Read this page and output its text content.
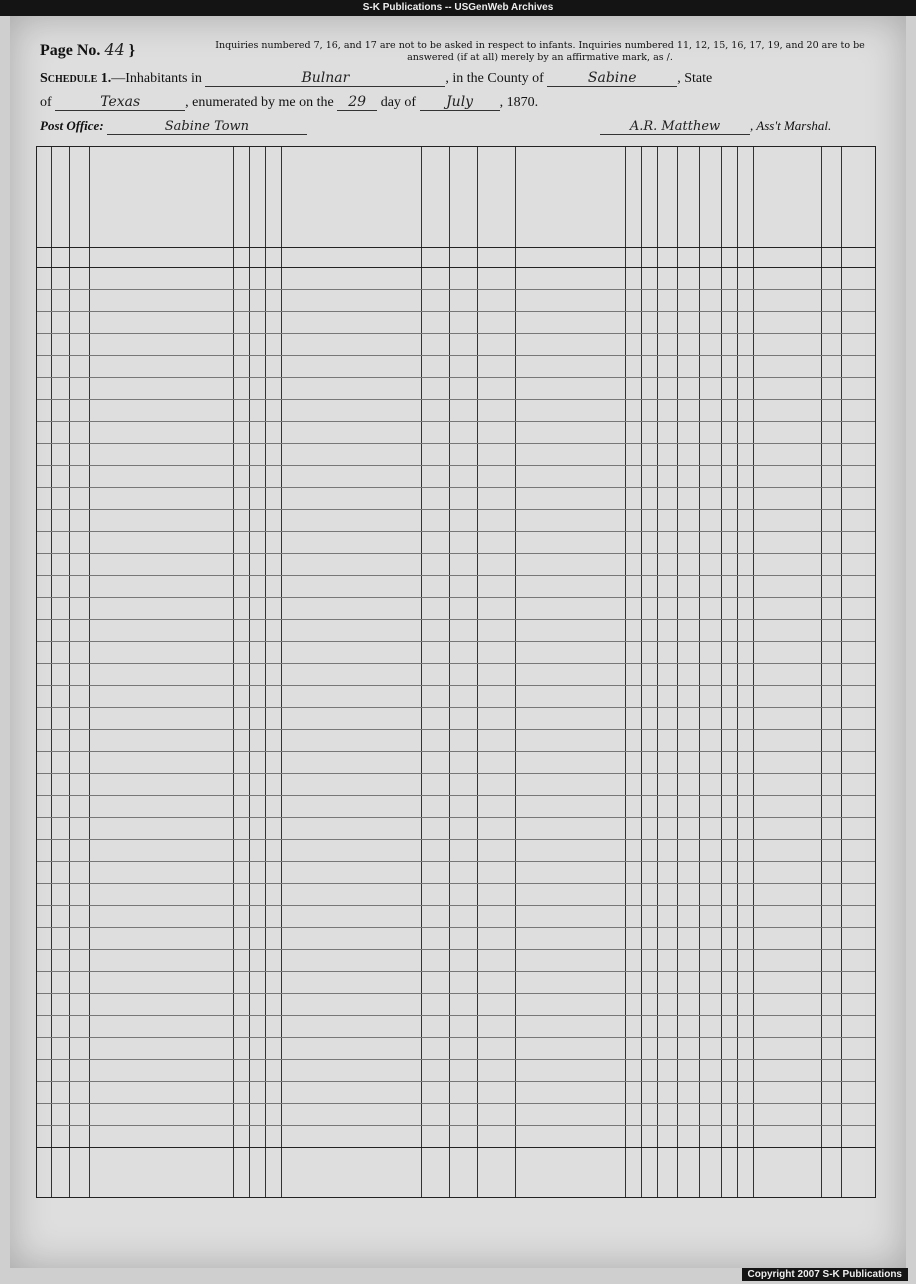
S-K Publications -- USGenWeb Archives
Page No. 44 }	Inquiries numbered 7, 16, and 17 are not to be asked in respect to infants. Inquiries numbered 11, 12, 15, 16, 17, 19, and 20 are to be answered (if at all) merely by an affirmative mark, as /.
Schedule 1.—Inhabitants in	Bulnar	, in the County of	Sabine	, State
of	Texas	, enumerated by me on the 29 day of July , 1870.
Post Office:	Sabine Town	A.R. Matthew , Ass't Marshal.
Copyright 2007 S-K Publications
